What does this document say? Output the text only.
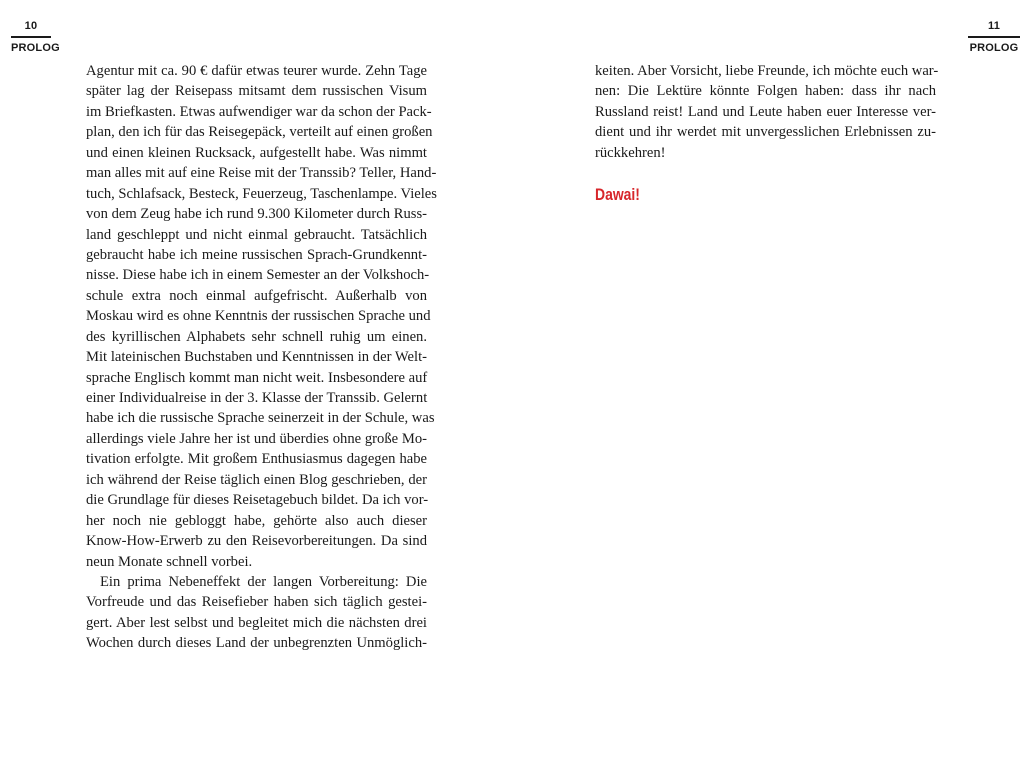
10
PROLOG
Agentur mit ca. 90 € dafür etwas teurer wurde. Zehn Tage
später lag der Reisepass mitsamt dem russischen Visum
im Briefkasten. Etwas aufwendiger war da schon der Pack-
plan, den ich für das Reisegepäck, verteilt auf einen großen
und einen kleinen Rucksack, aufgestellt habe. Was nimmt
man alles mit auf eine Reise mit der Transsib? Teller, Hand-
tuch, Schlafsack, Besteck, Feuerzeug, Taschenlampe. Vieles
von dem Zeug habe ich rund 9.300 Kilometer durch Russ-
land geschleppt und nicht einmal gebraucht. Tatsächlich
gebraucht habe ich meine russischen Sprach-Grundkennt-
nisse. Diese habe ich in einem Semester an der Volkshoch-
schule extra noch einmal aufgefrischt. Außerhalb von
Moskau wird es ohne Kenntnis der russischen Sprache und
des kyrillischen Alphabets sehr schnell ruhig um einen.
Mit lateinischen Buchstaben und Kenntnissen in der Welt-
sprache Englisch kommt man nicht weit. Insbesondere auf
einer Individualreise in der 3. Klasse der Transsib. Gelernt
habe ich die russische Sprache seinerzeit in der Schule, was
allerdings viele Jahre her ist und überdies ohne große Mo-
tivation erfolgte. Mit großem Enthusiasmus dagegen habe
ich während der Reise täglich einen Blog geschrieben, der
die Grundlage für dieses Reisetagebuch bildet. Da ich vor-
her noch nie gebloggt habe, gehörte also auch dieser
Know-How-Erwerb zu den Reisevorbereitungen. Da sind
neun Monate schnell vorbei.
Ein prima Nebeneffekt der langen Vorbereitung: Die
Vorfreude und das Reisefieber haben sich täglich gestei-
gert. Aber lest selbst und begleitet mich die nächsten drei
Wochen durch dieses Land der unbegrenzten Unmöglich-
11
PROLOG
keiten. Aber Vorsicht, liebe Freunde, ich möchte euch war-
nen: Die Lektüre könnte Folgen haben: dass ihr nach
Russland reist! Land und Leute haben euer Interesse ver-
dient und ihr werdet mit unvergesslichen Erlebnissen zu-
rückkehren!
Dawai!
